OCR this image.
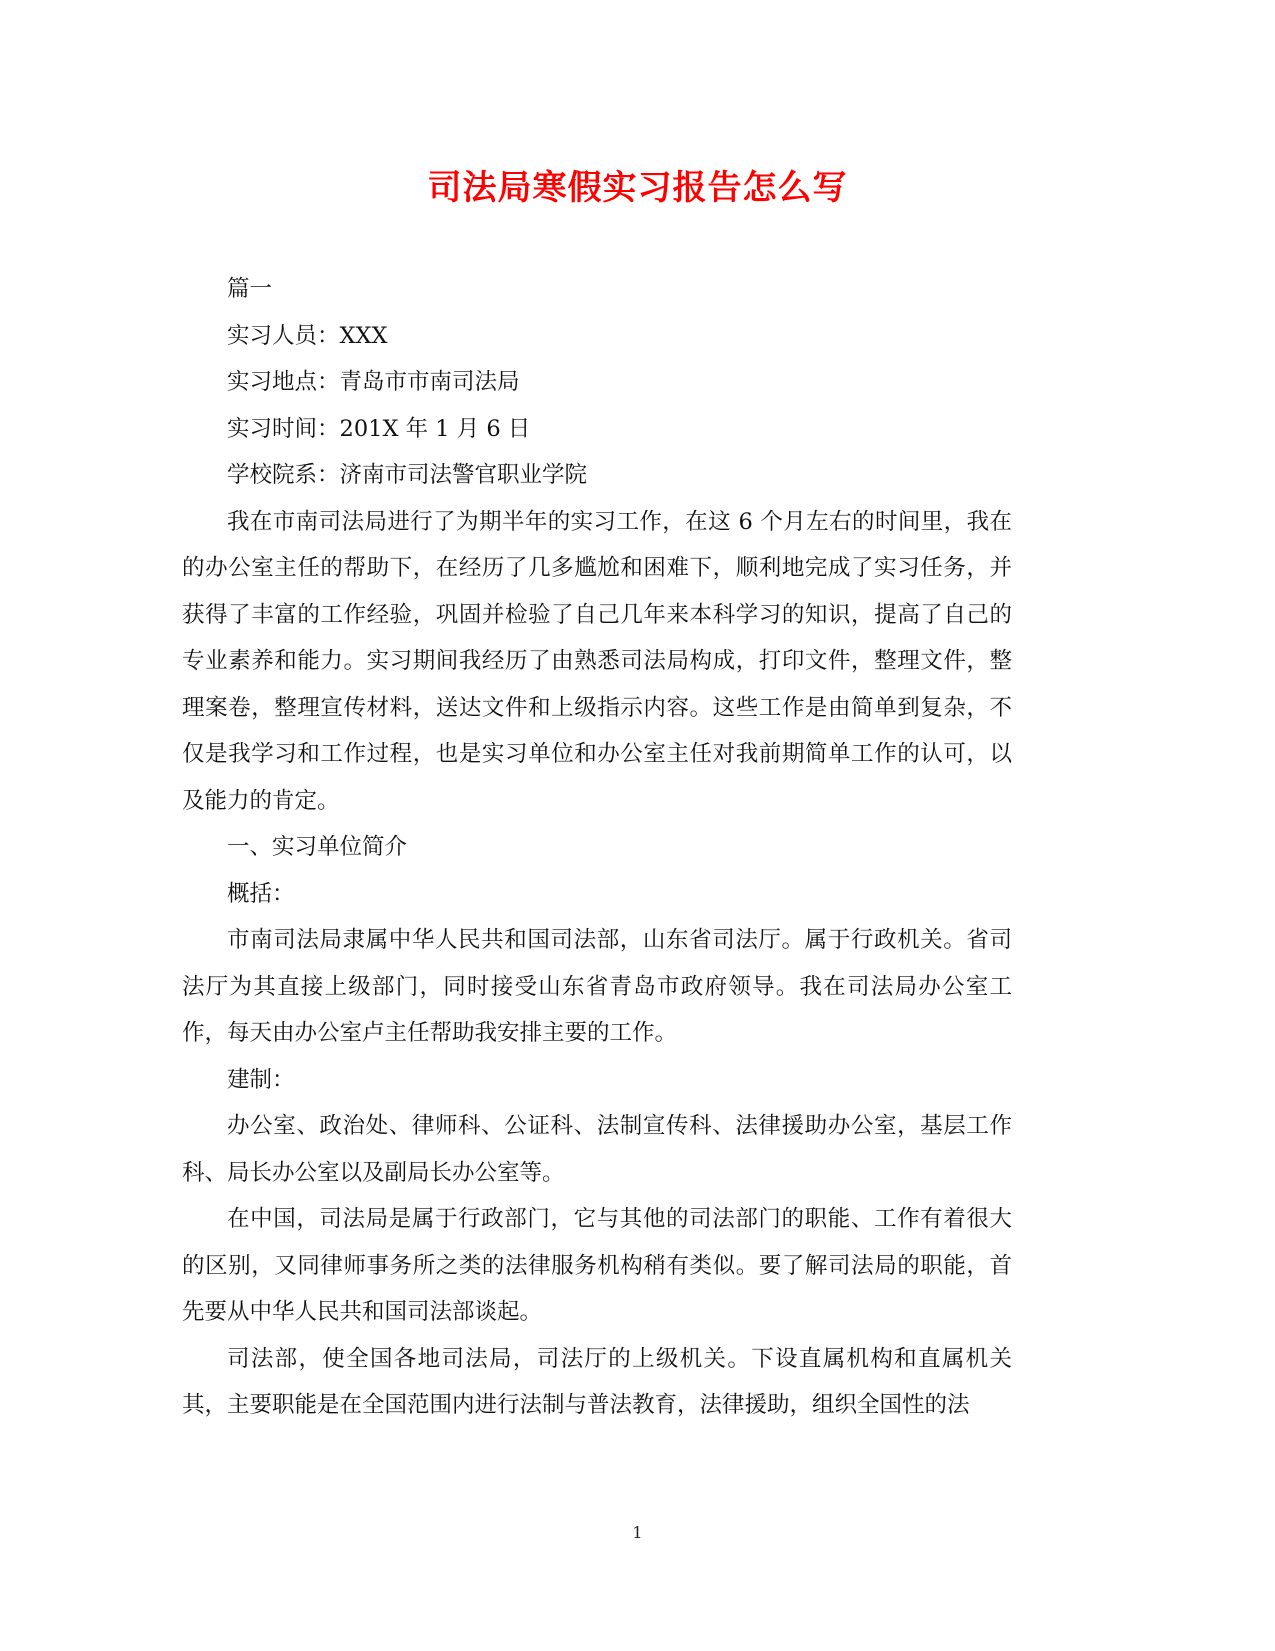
司法局寒假实习报告怎么写

篇一

实习人员：XXX

实习地点：青岛市市南司法局

实习时间：201X 年 1 月 6 日

学校院系：济南市司法警官职业学院

我在市南司法局进行了为期半年的实习工作，在这 6 个月左右的时间里，我在的办公室主任的帮助下，在经历了几多尴尬和困难下，顺利地完成了实习任务，并获得了丰富的工作经验，巩固并检验了自己几年来本科学习的知识，提高了自己的专业素养和能力。实习期间我经历了由熟悉司法局构成，打印文件，整理文件，整理案卷，整理宣传材料，送达文件和上级指示内容。这些工作是由简单到复杂，不仅是我学习和工作过程，也是实习单位和办公室主任对我前期简单工作的认可，以及能力的肯定。

一、实习单位简介

概括：

市南司法局隶属中华人民共和国司法部，山东省司法厅。属于行政机关。省司法厅为其直接上级部门，同时接受山东省青岛市政府领导。我在司法局办公室工作，每天由办公室卢主任帮助我安排主要的工作。

建制：

办公室、政治处、律师科、公证科、法制宣传科、法律援助办公室，基层工作科、局长办公室以及副局长办公室等。

在中国，司法局是属于行政部门，它与其他的司法部门的职能、工作有着很大的区别，又同律师事务所之类的法律服务机构稍有类似。要了解司法局的职能，首先要从中华人民共和国司法部谈起。

司法部，使全国各地司法局，司法厅的上级机关。下设直属机构和直属机关其，主要职能是在全国范围内进行法制与普法教育，法律援助，组织全国性的法

1
